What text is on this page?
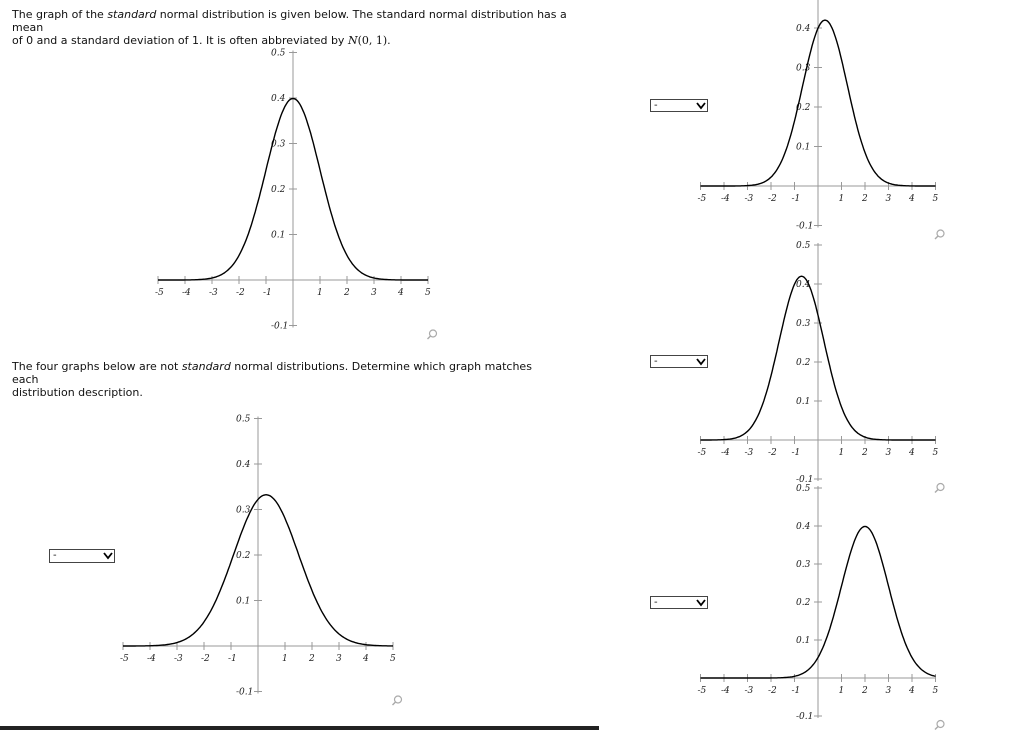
The graph of the standard normal distribution is given below. The standard normal distribution has a mean
of 0 and a standard deviation of 1. It is often abbreviated by N(0, 1).
The four graphs below are not standard normal distributions. Determine which graph matches each
distribution description.
-5 -4 -3 -2 -1	1 2 3 4 5
-0.1
0.1
0.2
0.3
0.4
0.5
-5 -4 -3 -2 -1	1 2 3 4 5
-0.1
0.1
0.2
0.3
0.4
0.5
-5 -4 -3 -2 -1	1 2 3 4 5
-0.1
0.1
0.2
0.3
0.4
-5 -4 -3 -2 -1	1 2 3 4 5
-0.1
0.1
0.2
0.3
0.4
0.5
-5 -4 -3 -2 -1	1 2 3 4 5
-0.1
0.1
0.2
0.3
0.4
0.5
-
-
-
-
